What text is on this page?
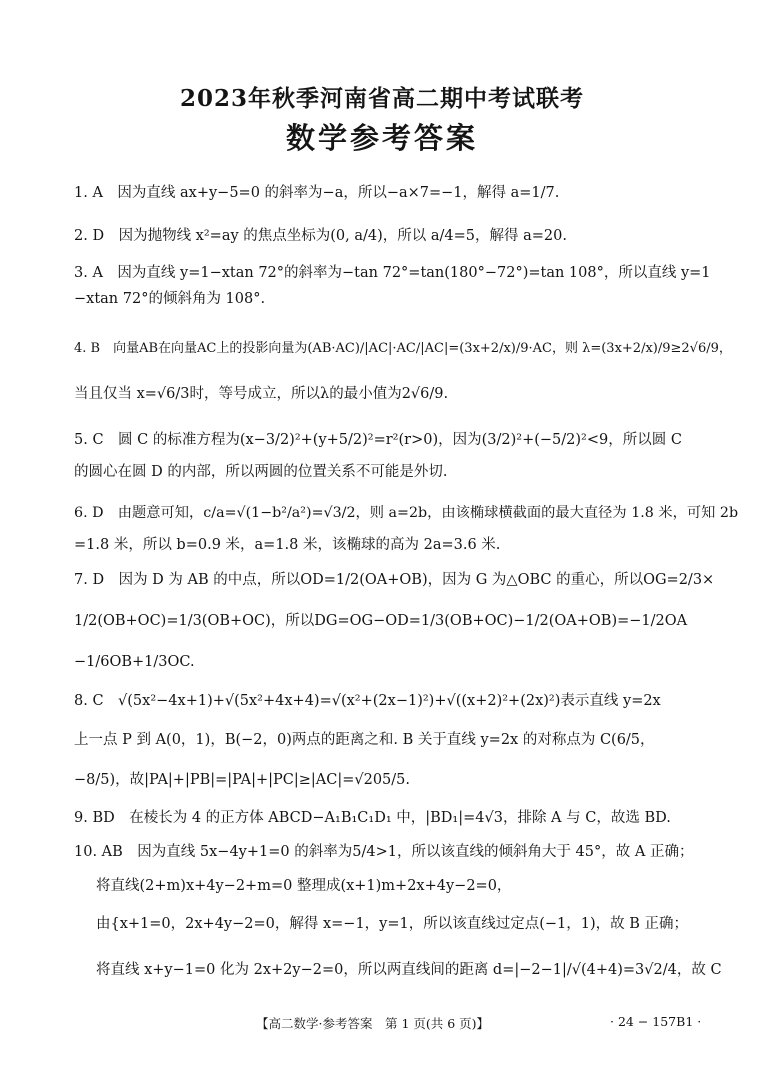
2023年秋季河南省高二期中考试联考
数学参考答案
1. A　因为直线 ax+y−5=0 的斜率为−a，所以−a×7=−1，解得 a=1/7.
2. D　因为抛物线 x²=ay 的焦点坐标为(0, a/4)，所以 a/4=5，解得 a=20.
3. A　因为直线 y=1−xtan 72°的斜率为−tan 72°=tan(180°−72°)=tan 108°，所以直线 y=1
−xtan 72°的倾斜角为 108°.
4. B　向量AB在向量AC上的投影向量为(AB·AC)/|AC|·AC/|AC|=(3x+2/x)/9·AC，则 λ=(3x+2/x)/9≥2√6/9，
当且仅当 x=√6/3时，等号成立，所以λ的最小值为2√6/9.
5. C　圆 C 的标准方程为(x−3/2)²+(y+5/2)²=r²(r>0)，因为(3/2)²+(−5/2)²<9，所以圆 C
的圆心在圆 D 的内部，所以两圆的位置关系不可能是外切.
6. D　由题意可知，c/a=√(1−b²/a²)=√3/2，则 a=2b，由该椭球横截面的最大直径为 1.8 米，可知 2b
=1.8 米，所以 b=0.9 米，a=1.8 米，该椭球的高为 2a=3.6 米.
7. D　因为 D 为 AB 的中点，所以OD=1/2(OA+OB)，因为 G 为△OBC 的重心，所以OG=2/3×
1/2(OB+OC)=1/3(OB+OC)，所以DG=OG−OD=1/3(OB+OC)−1/2(OA+OB)=−1/2OA
−1/6OB+1/3OC.
8. C　√(5x²−4x+1)+√(5x²+4x+4)=√(x²+(2x−1)²)+√((x+2)²+(2x)²)表示直线 y=2x
上一点 P 到 A(0，1)，B(−2，0)两点的距离之和. B 关于直线 y=2x 的对称点为 C(6/5，
−8/5)，故|PA|+|PB|=|PA|+|PC|≥|AC|=√205/5.
9. BD　在棱长为 4 的正方体 ABCD−A₁B₁C₁D₁ 中，|BD₁|=4√3，排除 A 与 C，故选 BD.
10. AB　因为直线 5x−4y+1=0 的斜率为5/4>1，所以该直线的倾斜角大于 45°，故 A 正确；
将直线(2+m)x+4y−2+m=0 整理成(x+1)m+2x+4y−2=0，
由{x+1=0，2x+4y−2=0，解得 x=−1，y=1，所以该直线过定点(−1，1)，故 B 正确；
将直线 x+y−1=0 化为 2x+2y−2=0，所以两直线间的距离 d=|−2−1|/√(4+4)=3√2/4，故 C
【高二数学·参考答案　第 1 页(共 6 页)】	· 24 − 157B1 ·
